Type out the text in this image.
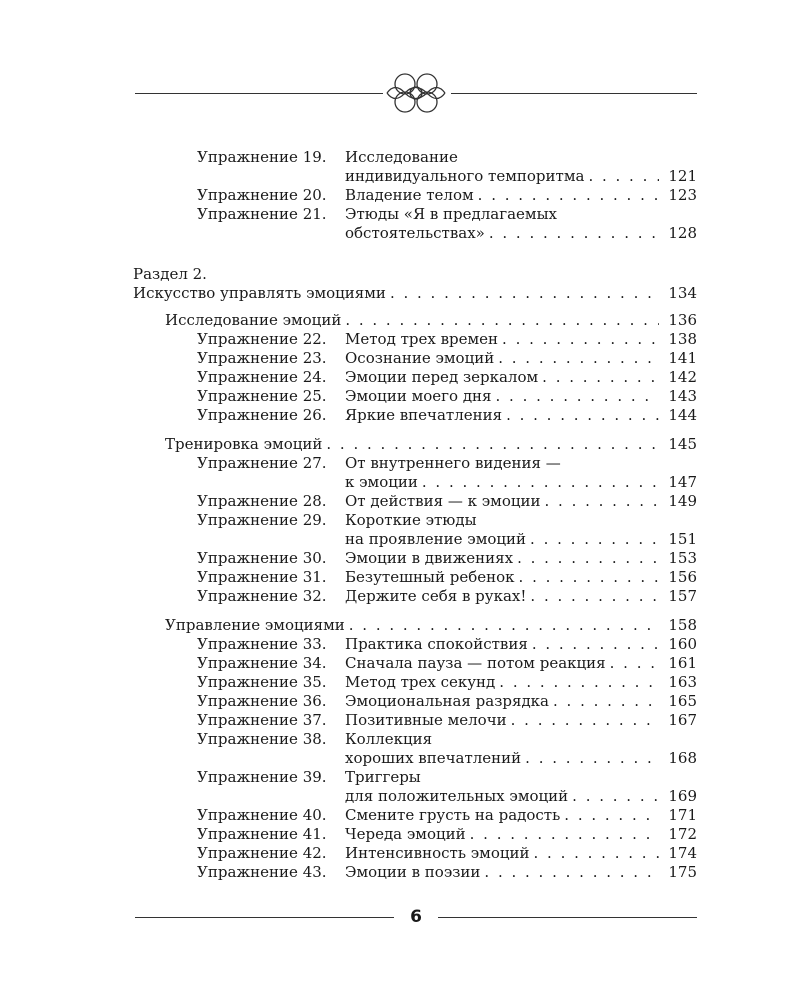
Упражнение 19.	Исследование
индивидуального темпоритма . . .	121
Упражнение 20.	Владение телом . . .	123
Упражнение 21.	Этюды «Я в предлагаемых
обстоятельствах» . . .	128
Раздел 2.
Искусство управлять эмоциями . . .	134
Исследование эмоций . . .	136
Упражнение 22.	Метод трех времен . . .	138
Упражнение 23.	Осознание эмоций . . .	141
Упражнение 24.	Эмоции перед зеркалом . . .	142
Упражнение 25.	Эмоции моего дня . . .	143
Упражнение 26.	Яркие впечатления . . .	144
Тренировка эмоций . . .	145
Упражнение 27.	От внутреннего видения —
к эмоции . . .	147
Упражнение 28.	От действия — к эмоции . . .	149
Упражнение 29.	Короткие этюды
на проявление эмоций . . .	151
Упражнение 30.	Эмоции в движениях . . .	153
Упражнение 31.	Безутешный ребенок . . .	156
Упражнение 32.	Держите себя в руках! . . .	157
Управление эмоциями . . .	158
Упражнение 33.	Практика спокойствия . . .	160
Упражнение 34.	Сначала пауза — потом реакция . . .	161
Упражнение 35.	Метод трех секунд . . .	163
Упражнение 36.	Эмоциональная разрядка . . .	165
Упражнение 37.	Позитивные мелочи . . .	167
Упражнение 38.	Коллекция
хороших впечатлений . . .	168
Упражнение 39.	Триггеры
для положительных эмоций . . .	169
Упражнение 40.	Смените грусть на радость . . .	171
Упражнение 41.	Череда эмоций . . .	172
Упражнение 42.	Интенсивность эмоций . . .	174
Упражнение 43.	Эмоции в поэзии . . .	175
6
